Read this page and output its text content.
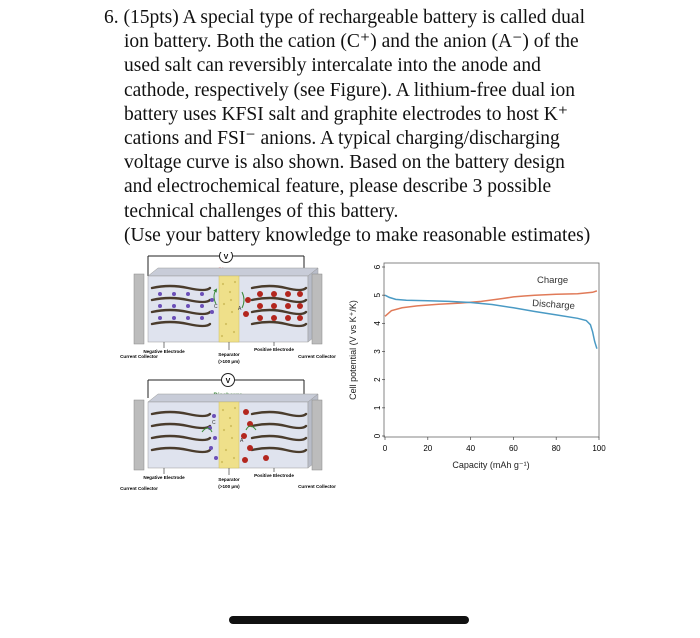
6. (15pts) A special type of rechargeable battery is called dual
ion battery. Both the cation (C⁺) and the anion (A⁻) of the
used salt can reversibly intercalate into the anode and
cathode, respectively (see Figure). A lithium-free dual ion
battery uses KFSI salt and graphite electrodes to host K⁺
cations and FSI⁻ anions. A typical charging/discharging
voltage curve is also shown. Based on the battery design
and electrochemical feature, please describe 3 possible
technical challenges of this battery.
(Use your battery knowledge to make reasonable estimates)
V
C	A
Negative Electrode	Positive Electrode
Current Collector	Current Collector
Separator
(>100 µm)
V
C
A
Negative Electrode	Positive Electrode
Current Collector	Current Collector
Separator
(>100 µm)
0
1
2
3
4
5
6
0	20	40	60	80	100
Charge
Discharge
Capacity (mAh g⁻¹)
Cell potential (V vs K⁺/K)
